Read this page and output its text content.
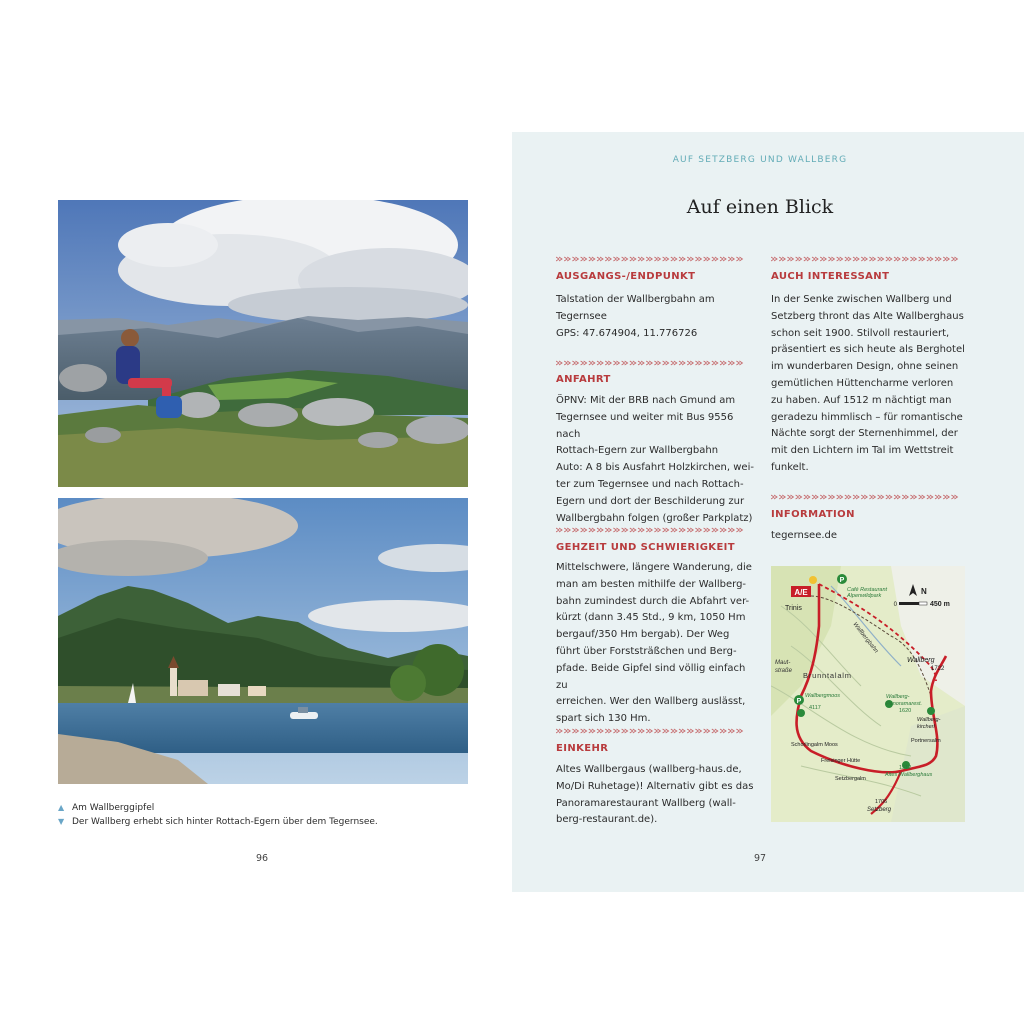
▲ Am Wallberggipfel
▼ Der Wallberg erhebt sich hinter Rottach-Egern über dem Tegernsee.
96
AUF SETZBERG UND WALLBERG
Auf einen Blick
AUSGANGS-/ENDPUNKT
Talstation der Wallbergbahn am
Tegernsee
GPS: 47.674904, 11.776726
ANFAHRT
ÖPNV: Mit der BRB nach Gmund am
Tegernsee und weiter mit Bus 9556 nach
Rottach-Egern zur Wallbergbahn
Auto: A 8 bis Ausfahrt Holzkirchen, wei-
ter zum Tegernsee und nach Rottach-
Egern und dort der Beschilderung zur
Wallbergbahn folgen (großer Parkplatz)
GEHZEIT UND SCHWIERIGKEIT
Mittelschwere, längere Wanderung, die
man am besten mithilfe der Wallberg-
bahn zumindest durch die Abfahrt ver-
kürzt (dann 3.45 Std., 9 km, 1050 Hm
bergauf/350 Hm bergab). Der Weg
führt über Forststräßchen und Berg-
pfade. Beide Gipfel sind völlig einfach zu
erreichen. Wer den Wallberg auslässt,
spart sich 130 Hm.
EINKEHR
Altes Wallbergaus (wallberg-haus.de,
Mo/Di Ruhetage)! Alternativ gibt es das
Panoramarestaurant Wallberg (wall-
berg-restaurant.de).
AUCH INTERESSANT
In der Senke zwischen Wallberg und
Setzberg thront das Alte Wallberghaus
schon seit 1900. Stilvoll restauriert,
präsentiert es sich heute als Berghotel
im wunderbaren Design, ohne seinen
gemütlichen Hüttencharme verloren
zu haben. Auf 1512 m nächtigt man
geradezu himmlisch – für romantische
Nächte sorgt der Sternenhimmel, der
mit den Lichtern im Tal im Wettstreit
funkelt.
INFORMATION
tegernsee.de
A/E
P
P
0	450 m
N
Trinis
Café Restaurant
Alpenwildpark
Wallbergbahn
Maut-
straße Brunntalalm
Wallberg
1722
Wallberg-
Panoramarest.
1620
Wallbergmoos
4117
Wallberg-
kircherl
Portnersalm
Schorlingalm Moos
Freisinger Hütte
Setzbergalm
1512
Altes Wallberghaus
1706
Setzberg
97
